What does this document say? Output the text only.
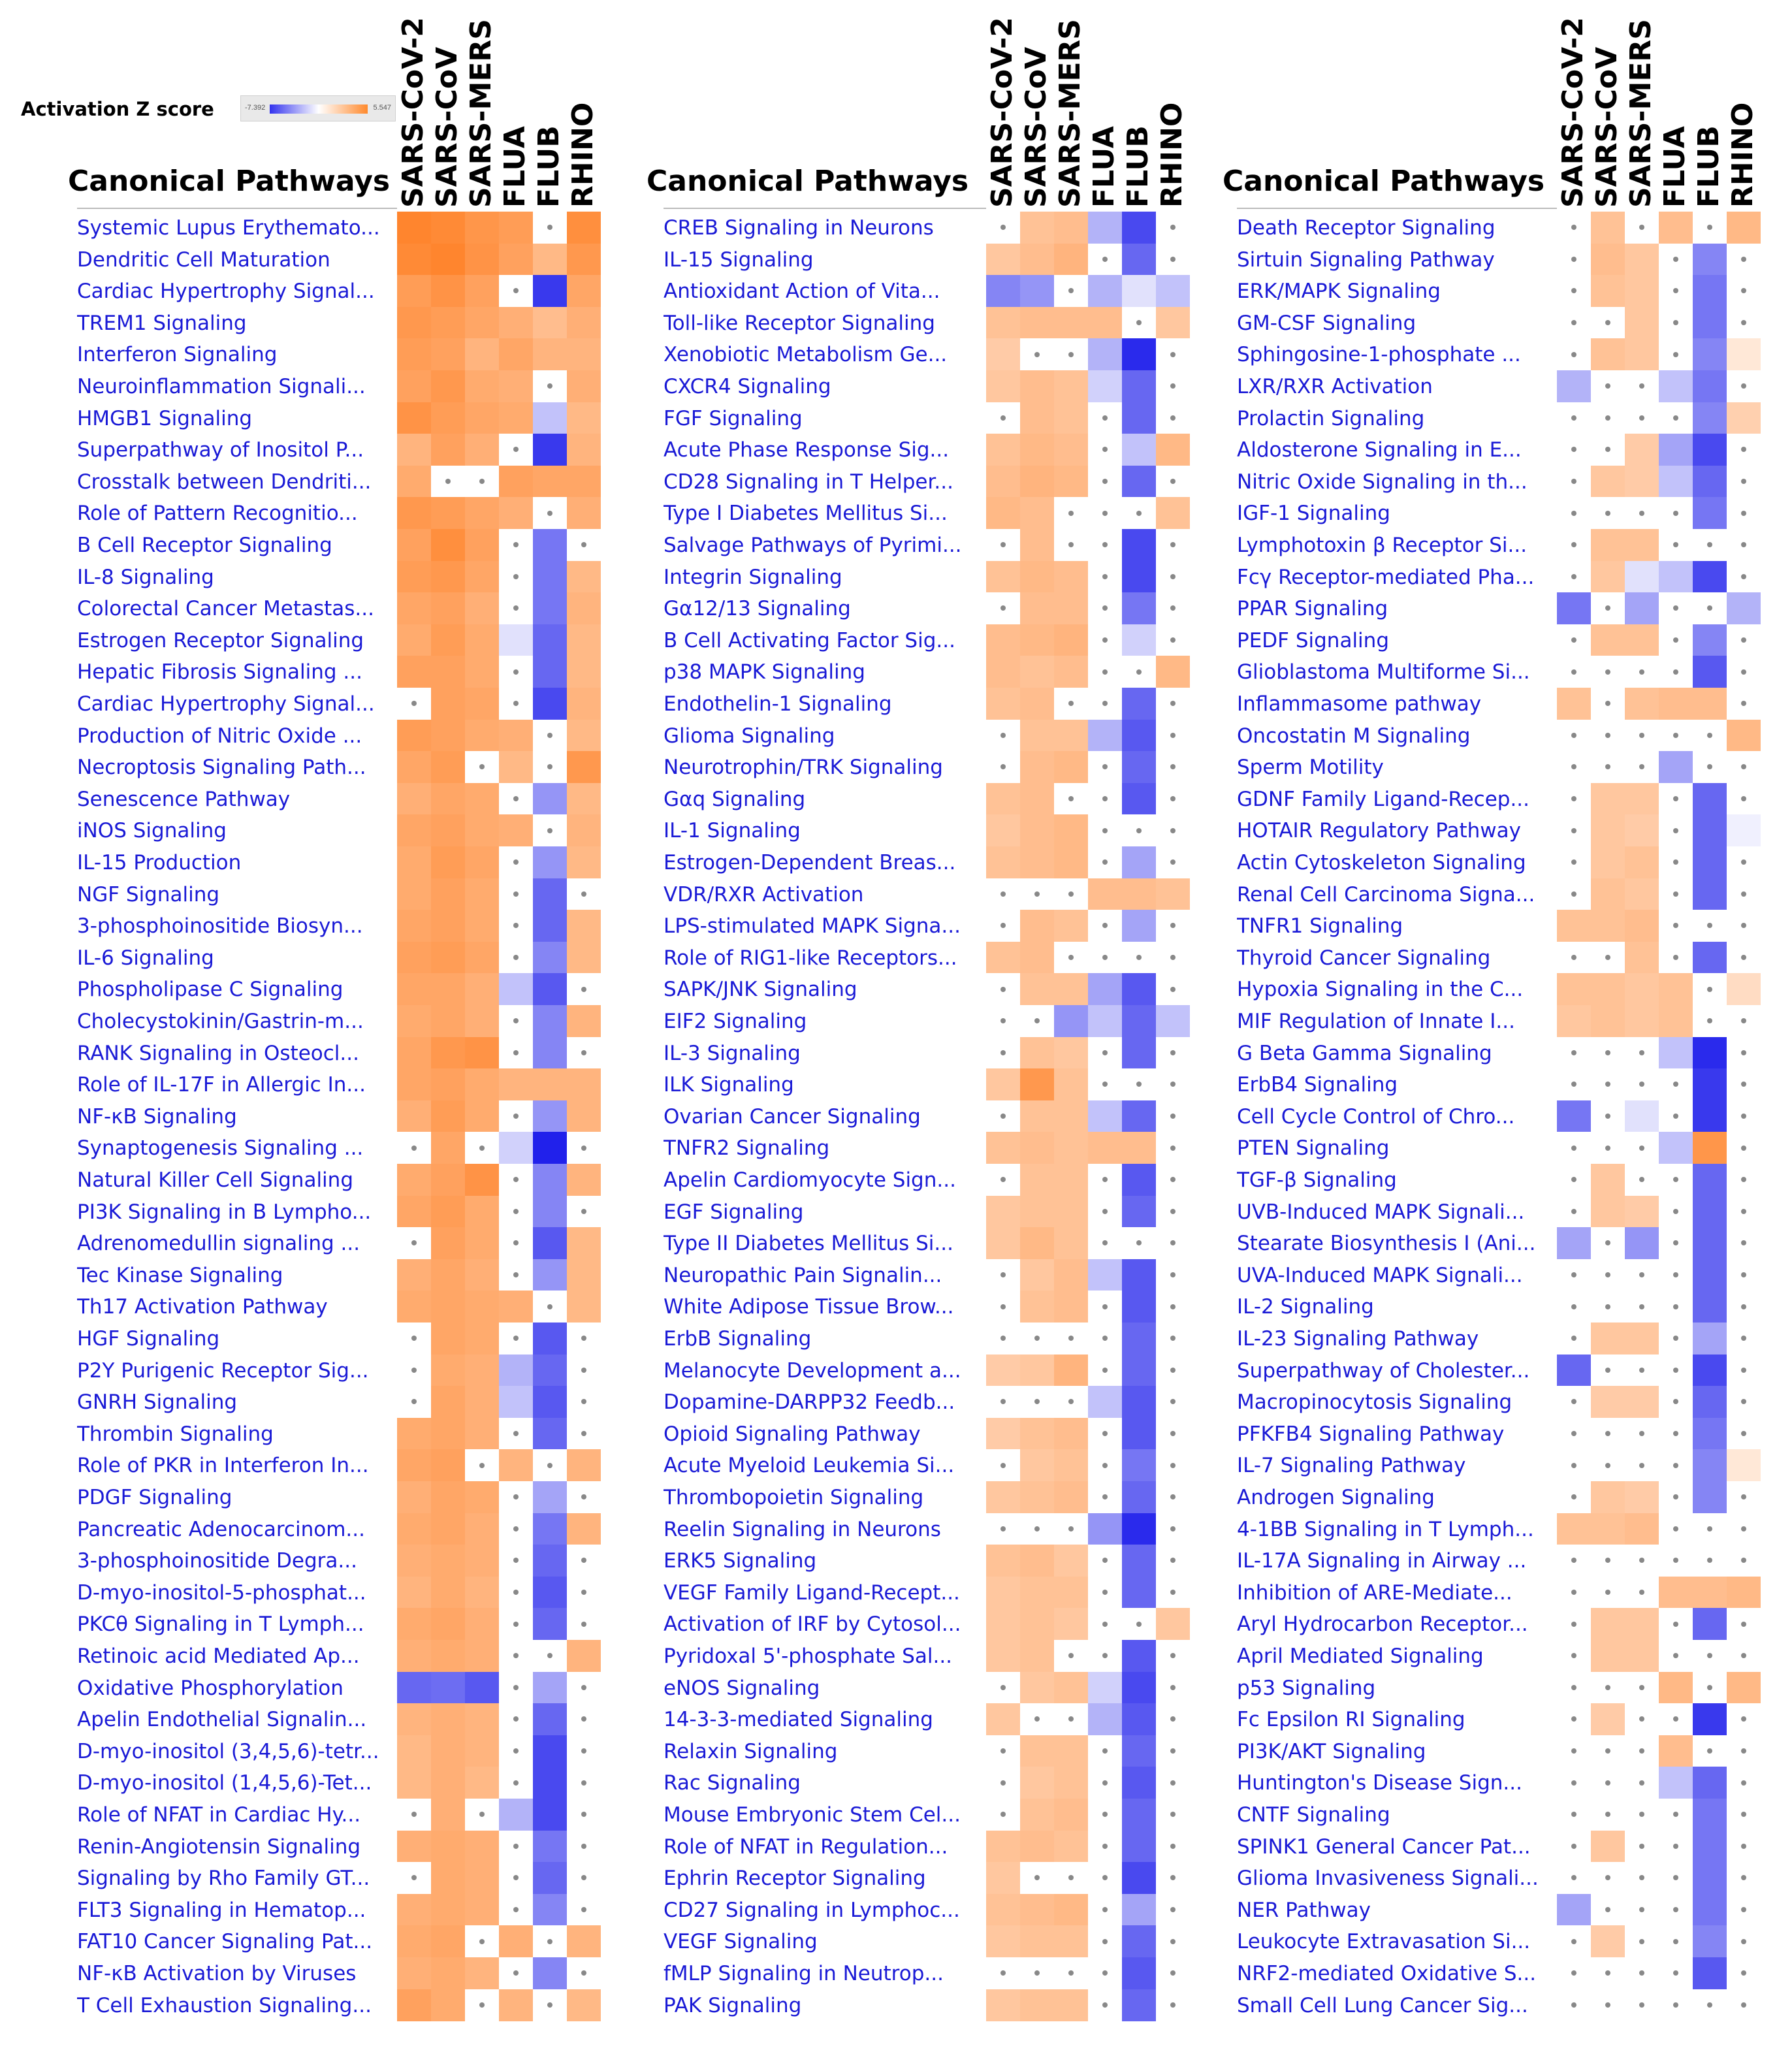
Activation Z score	-7.392	5.547
Canonical Pathways SARS-CoV-2 SARS-CoV SARS-MERS FLUA FLUB RHINO
Systemic Lupus Erythemato...
Dendritic Cell Maturation
Cardiac Hypertrophy Signal...
TREM1 Signaling
Interferon Signaling
Neuroinflammation Signali...
HMGB1 Signaling
Superpathway of Inositol P...
Crosstalk between Dendriti...
Role of Pattern Recognitio...
B Cell Receptor Signaling
IL-8 Signaling
Colorectal Cancer Metastas...
Estrogen Receptor Signaling
Hepatic Fibrosis Signaling ...
Cardiac Hypertrophy Signal...
Production of Nitric Oxide ...
Necroptosis Signaling Path...
Senescence Pathway
iNOS Signaling
IL-15 Production
NGF Signaling
3-phosphoinositide Biosyn...
IL-6 Signaling
Phospholipase C Signaling
Cholecystokinin/Gastrin-m...
RANK Signaling in Osteocl...
Role of IL-17F in Allergic In...
NF-κB Signaling
Synaptogenesis Signaling ...
Natural Killer Cell Signaling
PI3K Signaling in B Lympho...
Adrenomedullin signaling ...
Tec Kinase Signaling
Th17 Activation Pathway
HGF Signaling
P2Y Purigenic Receptor Sig...
GNRH Signaling
Thrombin Signaling
Role of PKR in Interferon In...
PDGF Signaling
Pancreatic Adenocarcinom...
3-phosphoinositide Degra...
D-myo-inositol-5-phosphat...
PKCθ Signaling in T Lymph...
Retinoic acid Mediated Ap...
Oxidative Phosphorylation
Apelin Endothelial Signalin...
D-myo-inositol (3,4,5,6)-tetr...
D-myo-inositol (1,4,5,6)-Tet...
Role of NFAT in Cardiac Hy...
Renin-Angiotensin Signaling
Signaling by Rho Family GT...
FLT3 Signaling in Hematop...
FAT10 Cancer Signaling Pat...
NF-κB Activation by Viruses
T Cell Exhaustion Signaling...
Canonical Pathways SARS-CoV-2 SARS-CoV SARS-MERS FLUA FLUB RHINO
CREB Signaling in Neurons
IL-15 Signaling
Antioxidant Action of Vita...
Toll-like Receptor Signaling
Xenobiotic Metabolism Ge...
CXCR4 Signaling
FGF Signaling
Acute Phase Response Sig...
CD28 Signaling in T Helper...
Type I Diabetes Mellitus Si...
Salvage Pathways of Pyrimi...
Integrin Signaling
Gα12/13 Signaling
B Cell Activating Factor Sig...
p38 MAPK Signaling
Endothelin-1 Signaling
Glioma Signaling
Neurotrophin/TRK Signaling
Gαq Signaling
IL-1 Signaling
Estrogen-Dependent Breas...
VDR/RXR Activation
LPS-stimulated MAPK Signa...
Role of RIG1-like Receptors...
SAPK/JNK Signaling
EIF2 Signaling
IL-3 Signaling
ILK Signaling
Ovarian Cancer Signaling
TNFR2 Signaling
Apelin Cardiomyocyte Sign...
EGF Signaling
Type II Diabetes Mellitus Si...
Neuropathic Pain Signalin...
White Adipose Tissue Brow...
ErbB Signaling
Melanocyte Development a...
Dopamine-DARPP32 Feedb...
Opioid Signaling Pathway
Acute Myeloid Leukemia Si...
Thrombopoietin Signaling
Reelin Signaling in Neurons
ERK5 Signaling
VEGF Family Ligand-Recept...
Activation of IRF by Cytosol...
Pyridoxal 5'-phosphate Sal...
eNOS Signaling
14-3-3-mediated Signaling
Relaxin Signaling
Rac Signaling
Mouse Embryonic Stem Cel...
Role of NFAT in Regulation...
Ephrin Receptor Signaling
CD27 Signaling in Lymphoc...
VEGF Signaling
fMLP Signaling in Neutrop...
PAK Signaling
Canonical Pathways SARS-CoV-2 SARS-CoV SARS-MERS FLUA FLUB RHINO
Death Receptor Signaling
Sirtuin Signaling Pathway
ERK/MAPK Signaling
GM-CSF Signaling
Sphingosine-1-phosphate ...
LXR/RXR Activation
Prolactin Signaling
Aldosterone Signaling in E...
Nitric Oxide Signaling in th...
IGF-1 Signaling
Lymphotoxin β Receptor Si...
Fcγ Receptor-mediated Pha...
PPAR Signaling
PEDF Signaling
Glioblastoma Multiforme Si...
Inflammasome pathway
Oncostatin M Signaling
Sperm Motility
GDNF Family Ligand-Recep...
HOTAIR Regulatory Pathway
Actin Cytoskeleton Signaling
Renal Cell Carcinoma Signa...
TNFR1 Signaling
Thyroid Cancer Signaling
Hypoxia Signaling in the C...
MIF Regulation of Innate I...
G Beta Gamma Signaling
ErbB4 Signaling
Cell Cycle Control of Chro...
PTEN Signaling
TGF-β Signaling
UVB-Induced MAPK Signali...
Stearate Biosynthesis I (Ani...
UVA-Induced MAPK Signali...
IL-2 Signaling
IL-23 Signaling Pathway
Superpathway of Cholester...
Macropinocytosis Signaling
PFKFB4 Signaling Pathway
IL-7 Signaling Pathway
Androgen Signaling
4-1BB Signaling in T Lymph...
IL-17A Signaling in Airway ...
Inhibition of ARE-Mediate...
Aryl Hydrocarbon Receptor...
April Mediated Signaling
p53 Signaling
Fc Epsilon RI Signaling
PI3K/AKT Signaling
Huntington's Disease Sign...
CNTF Signaling
SPINK1 General Cancer Pat...
Glioma Invasiveness Signali...
NER Pathway
Leukocyte Extravasation Si...
NRF2-mediated Oxidative S...
Small Cell Lung Cancer Sig...
